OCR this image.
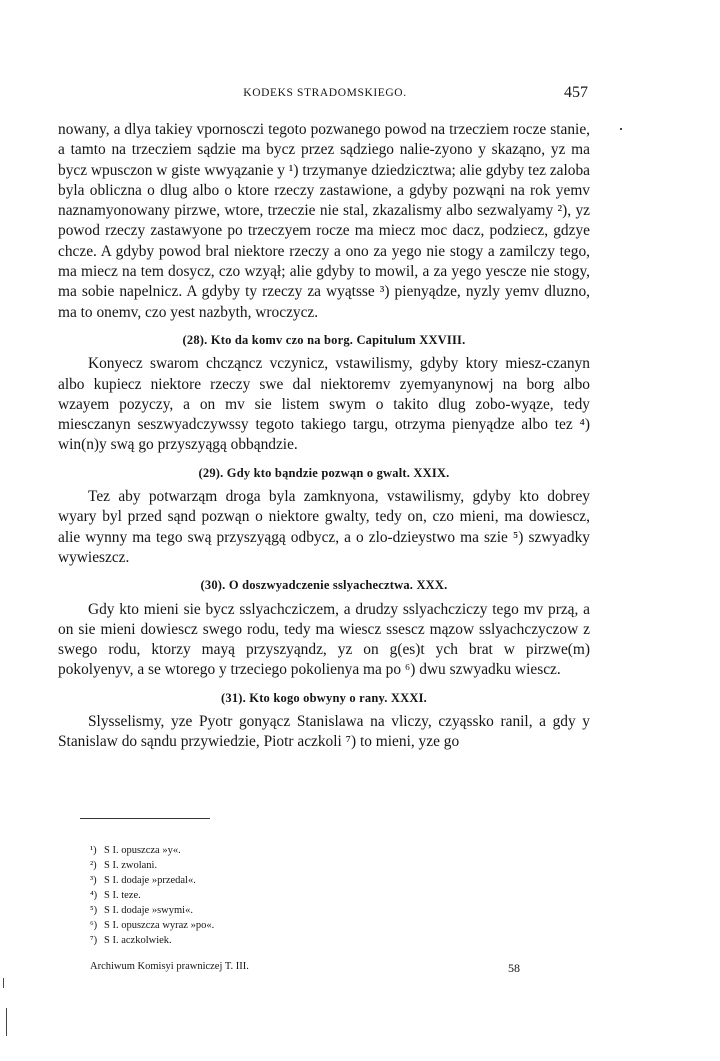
KODEKS STRADOMSKIEGO.	457

nowany, a dlya takiey vpornosczi tegoto pozwanego powod na trzecziem rocze stanie, a tamto na trzecziem sądzie ma bycz przez sądziego nalie-zyono y skaząno, yz ma bycz wpusczon w giste wwyązanie y ¹) trzymanye dziedzicztwa; alie gdyby tez zaloba byla obliczna o dlug albo o ktore rzeczy zastawione, a gdyby pozwąni na rok yemv naznamyonowany pirzwe, wtore, trzeczie nie stal, zkazalismy albo sezwalyamy ²), yz powod rzeczy zastawyone po trzeczyem rocze ma miecz moc dacz, podziecz, gdzye chcze. A gdyby powod bral niektore rzeczy a ono za yego nie stogy a zamilczy tego, ma miecz na tem dosycz, czo wzyął; alie gdyby to mowil, a za yego yescze nie stogy, ma sobie napelnicz. A gdyby ty rzeczy za wyątsse ³) pienyądze, nyzly yemv dluzno, ma to onemv, czo yest nazbyth, wroczycz.

(28). Kto da komv czo na borg. Capitulum XXVIII.

Konyecz swarom chcząncz vczynicz, vstawilismy, gdyby ktory miesz-czanyn albo kupiecz niektore rzeczy swe dal niektoremv zyemyanynowj na borg albo wzayem pozyczy, a on mv sie listem swym o takito dlug zobo-wyąze, tedy miesczanyn seszwyadczywssy tegoto takiego targu, otrzyma pienyądze albo tez ⁴) win(n)y swą go przyszyągą obbąndzie.

(29). Gdy kto bąndzie pozwąn o gwalt. XXIX.

Tez aby potwarząm droga byla zamknyona, vstawilismy, gdyby kto dobrey wyary byl przed sąnd pozwąn o niektore gwalty, tedy on, czo mieni, ma dowiescz, alie wynny ma tego swą przyszyągą odbycz, a o zlo-dzieystwo ma szie ⁵) szwyadky wywieszcz.

(30). O doszwyadczenie sslyachecztwa. XXX.

Gdy kto mieni sie bycz sslyachcziczem, a drudzy sslyachcziczy tego mv przą, a on sie mieni dowiescz swego rodu, tedy ma wiescz ssescz mązow sslyachczyczow z swego rodu, ktorzy mayą przyszyąndz, yz on g(es)t ych brat w pirzwe(m) pokolyenyv, a se wtorego y trzeciego pokolienya ma po ⁶) dwu szwyadku wiescz.

(31). Kto kogo obwyny o rany. XXXI.

Slysselismy, yze Pyotr gonyącz Stanislawa na vliczy, czyąssko ranil, a gdy y Stanislaw do sąndu przywiedzie, Piotr aczkoli ⁷) to mieni, yze go

¹) S I. opuszcza »y«.
²) S I. zwolani.
³) S I. dodaje »przedal«.
⁴) S I. teze.
⁵) S I. dodaje »swymi«.
⁶) S I. opuszcza wyraz »po«.
⁷) S I. aczkolwiek.
Archiwum Komisyi prawniczej T. III.	58
